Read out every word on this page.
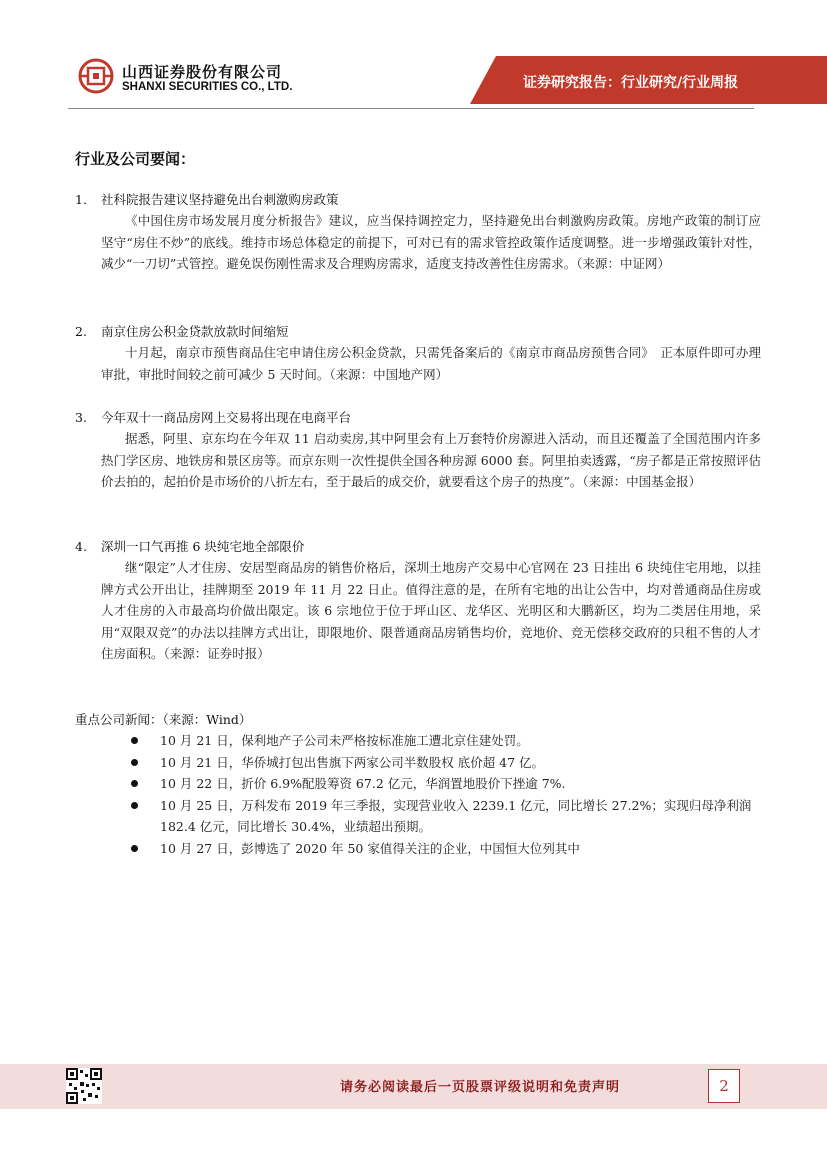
山西证券股份有限公司
SHANXI SECURITIES CO., LTD.	证券研究报告：行业研究/行业周报
行业及公司要闻：
1. 社科院报告建议坚持避免出台刺激购房政策
《中国住房市场发展月度分析报告》建议，应当保持调控定力，坚持避免出台刺激购房政策。房地产政策的制订应坚守“房住不炒”的底线。维持市场总体稳定的前提下，可对已有的需求管控政策作适度调整。进一步增强政策针对性，减少“一刀切”式管控。避免误伤刚性需求及合理购房需求，适度支持改善性住房需求。（来源：中证网）
2. 南京住房公积金贷款放款时间缩短
十月起，南京市预售商品住宅申请住房公积金贷款，只需凭备案后的《南京市商品房预售合同》　正本原件即可办理审批，审批时间较之前可减少 5 天时间。（来源：中国地产网）
3. 今年双十一商品房网上交易将出现在电商平台
据悉，阿里、京东均在今年双 11 启动卖房,其中阿里会有上万套特价房源进入活动，而且还覆盖了全国范围内许多热门学区房、地铁房和景区房等。而京东则一次性提供全国各种房源 6000 套。阿里拍卖透露，“房子都是正常按照评估价去拍的，起拍价是市场价的八折左右，至于最后的成交价，就要看这个房子的热度”。（来源：中国基金报）
4. 深圳一口气再推 6 块纯宅地全部限价
继“限定”人才住房、安居型商品房的销售价格后，深圳土地房产交易中心官网在 23 日挂出 6 块纯住宅用地，以挂牌方式公开出让，挂牌期至 2019 年 11 月 22 日止。值得注意的是，在所有宅地的出让公告中，均对普通商品住房或人才住房的入市最高均价做出限定。该 6 宗地位于位于坪山区、龙华区、光明区和大鹏新区，均为二类居住用地，采用“双限双竞”的办法以挂牌方式出让，即限地价、限普通商品房销售均价，竞地价、竞无偿移交政府的只租不售的人才住房面积。（来源：证券时报）
重点公司新闻：（来源：Wind）
10 月 21 日，保利地产子公司未严格按标准施工遭北京住建处罚。
10 月 21 日，华侨城打包出售旗下两家公司半数股权 底价超 47 亿。
10 月 22 日，折价 6.9%配股筹资 67.2 亿元，华润置地股价下挫逾 7%.
10 月 25 日，万科发布 2019 年三季报，实现营业收入 2239.1 亿元，同比增长 27.2%；实现归母净利润 182.4 亿元，同比增长 30.4%，业绩超出预期。
10 月 27 日，彭博选了 2020 年 50 家值得关注的企业，中国恒大位列其中
请务必阅读最后一页股票评级说明和免责声明	2
